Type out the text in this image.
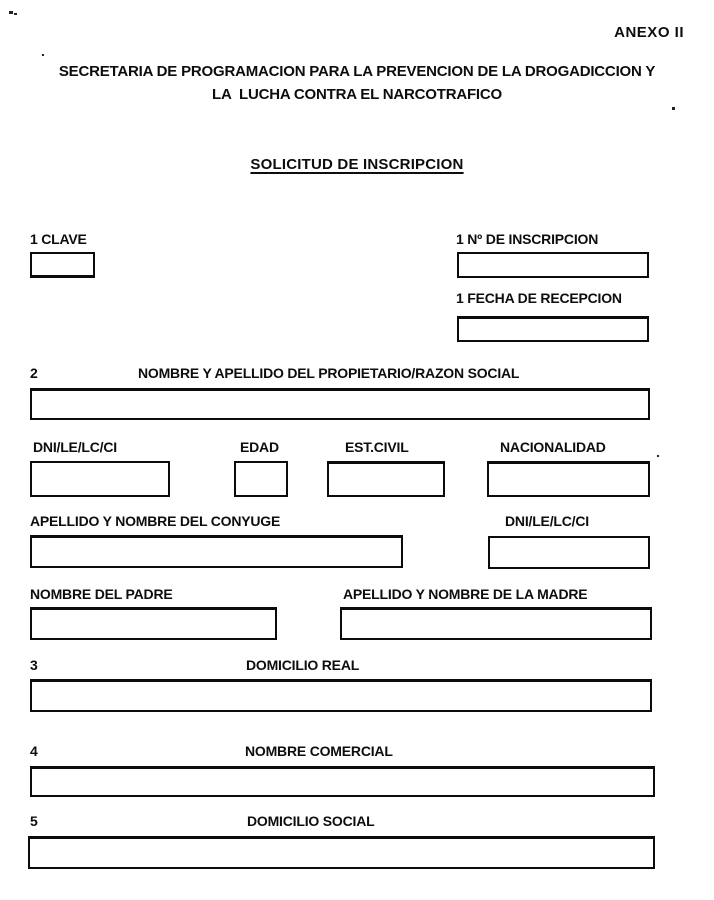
ANEXO II
SECRETARIA DE PROGRAMACION PARA LA PREVENCION DE LA DROGADICCION Y
LA  LUCHA CONTRA EL NARCOTRAFICO
SOLICITUD DE INSCRIPCION
1 CLAVE	1 Nº DE INSCRIPCION
1 FECHA DE RECEPCION
2	NOMBRE Y APELLIDO DEL PROPIETARIO/RAZON SOCIAL
DNI/LE/LC/CI	EDAD	EST.CIVIL	NACIONALIDAD
APELLIDO Y NOMBRE DEL CONYUGE	DNI/LE/LC/CI
NOMBRE DEL PADRE	APELLIDO Y NOMBRE DE LA MADRE
3	DOMICILIO REAL
4	NOMBRE COMERCIAL
5	DOMICILIO SOCIAL
